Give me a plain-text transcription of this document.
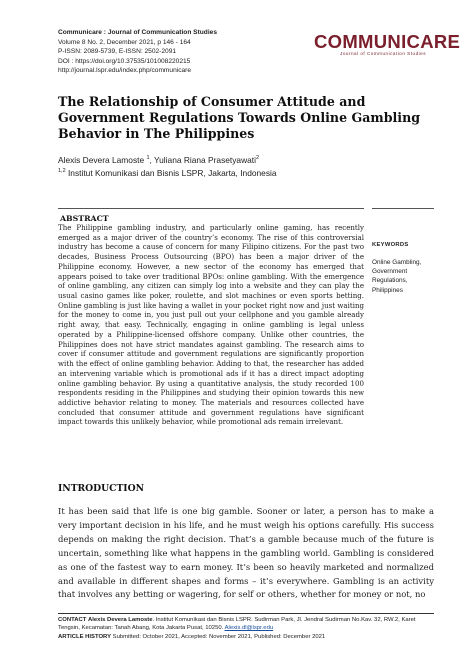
Communicare : Journal of Communication Studies
Volume 8 No. 2, December 2021, p 146 - 164
P-ISSN: 2089-5739, E-ISSN: 2502-2091
DOI : https://doi.org/10.37535/101008220215
http://journal.lspr.edu/index.php/communicare
COMMUNICARE
Journal of Communication Studies
The Relationship of Consumer Attitude and Government Regulations Towards Online Gambling Behavior in The Philippines
Alexis Devera Lamoste $^1$, Yuliana Riana Prasetyawati$^2$
$^{1,2}$ Institut Komunikasi dan Bisnis LSPR, Jakarta, Indonesia
ABSTRACT

The Philippine gambling industry, and particularly online gaming, has recently emerged as a major driver of the country’s economy. The rise of this controversial industry has become a cause of concern for many Filipino citizens. For the past two decades, Business Process Outsourcing (BPO) has been a major driver of the Philippine economy. However, a new sector of the economy has emerged that appears poised to take over traditional BPOs: online gambling. With the emergence of online gambling, any citizen can simply log into a website and they can play the usual casino games like poker, roulette, and slot machines or even sports betting. Online gambling is just like having a wallet in your pocket right now and just waiting for the money to come in, you just pull out your cellphone and you gamble already right away, that easy. Technically, engaging in online gambling is legal unless operated by a Philippine-licensed offshore company. Unlike other countries, the Philippines does not have strict mandates against gambling. The research aims to cover if consumer attitude and government regulations are significantly proportion with the effect of online gambling behavior. Adding to that, the researcher has added an intervening variable which is promotional ads if it has a direct impact adopting online gambling behavior. By using a quantitative analysis, the study recorded 100 respondents residing in the Philippines and studying their opinion towards this new addictive behavior relating to money. The materials and resources collected have concluded that consumer attitude and government regulations have significant impact towards this unlikely behavior, while promotional ads remain irrelevant.

KEYWORDS
Online Gambling,
Government
Regulations,
Philippines
INTRODUCTION

It has been said that life is one big gamble. Sooner or later, a person has to make a very important decision in his life, and he must weigh his options carefully. His success depends on making the right decision. That’s a gamble because much of the future is uncertain, something like what happens in the gambling world. Gambling is considered as one of the fastest way to earn money. It’s been so heavily marketed and normalized and available in different shapes and forms – it’s everywhere. Gambling is an activity that involves any betting or wagering, for self or others, whether for money or not, no

CONTACT Alexis Devera Lamoste. Institut Komunikasi dan Bisnis LSPR. Sudirman Park, Jl. Jendral Sudirman No.Kav. 32, RW.2, Karet Tengsin, Kecamatan: Tanah Abang, Kota Jakarta Pusat, 10250. Alexis.dl@lspr.edu
ARTICLE HISTORY Submitted: October 2021, Accepted: November 2021, Published: December 2021
